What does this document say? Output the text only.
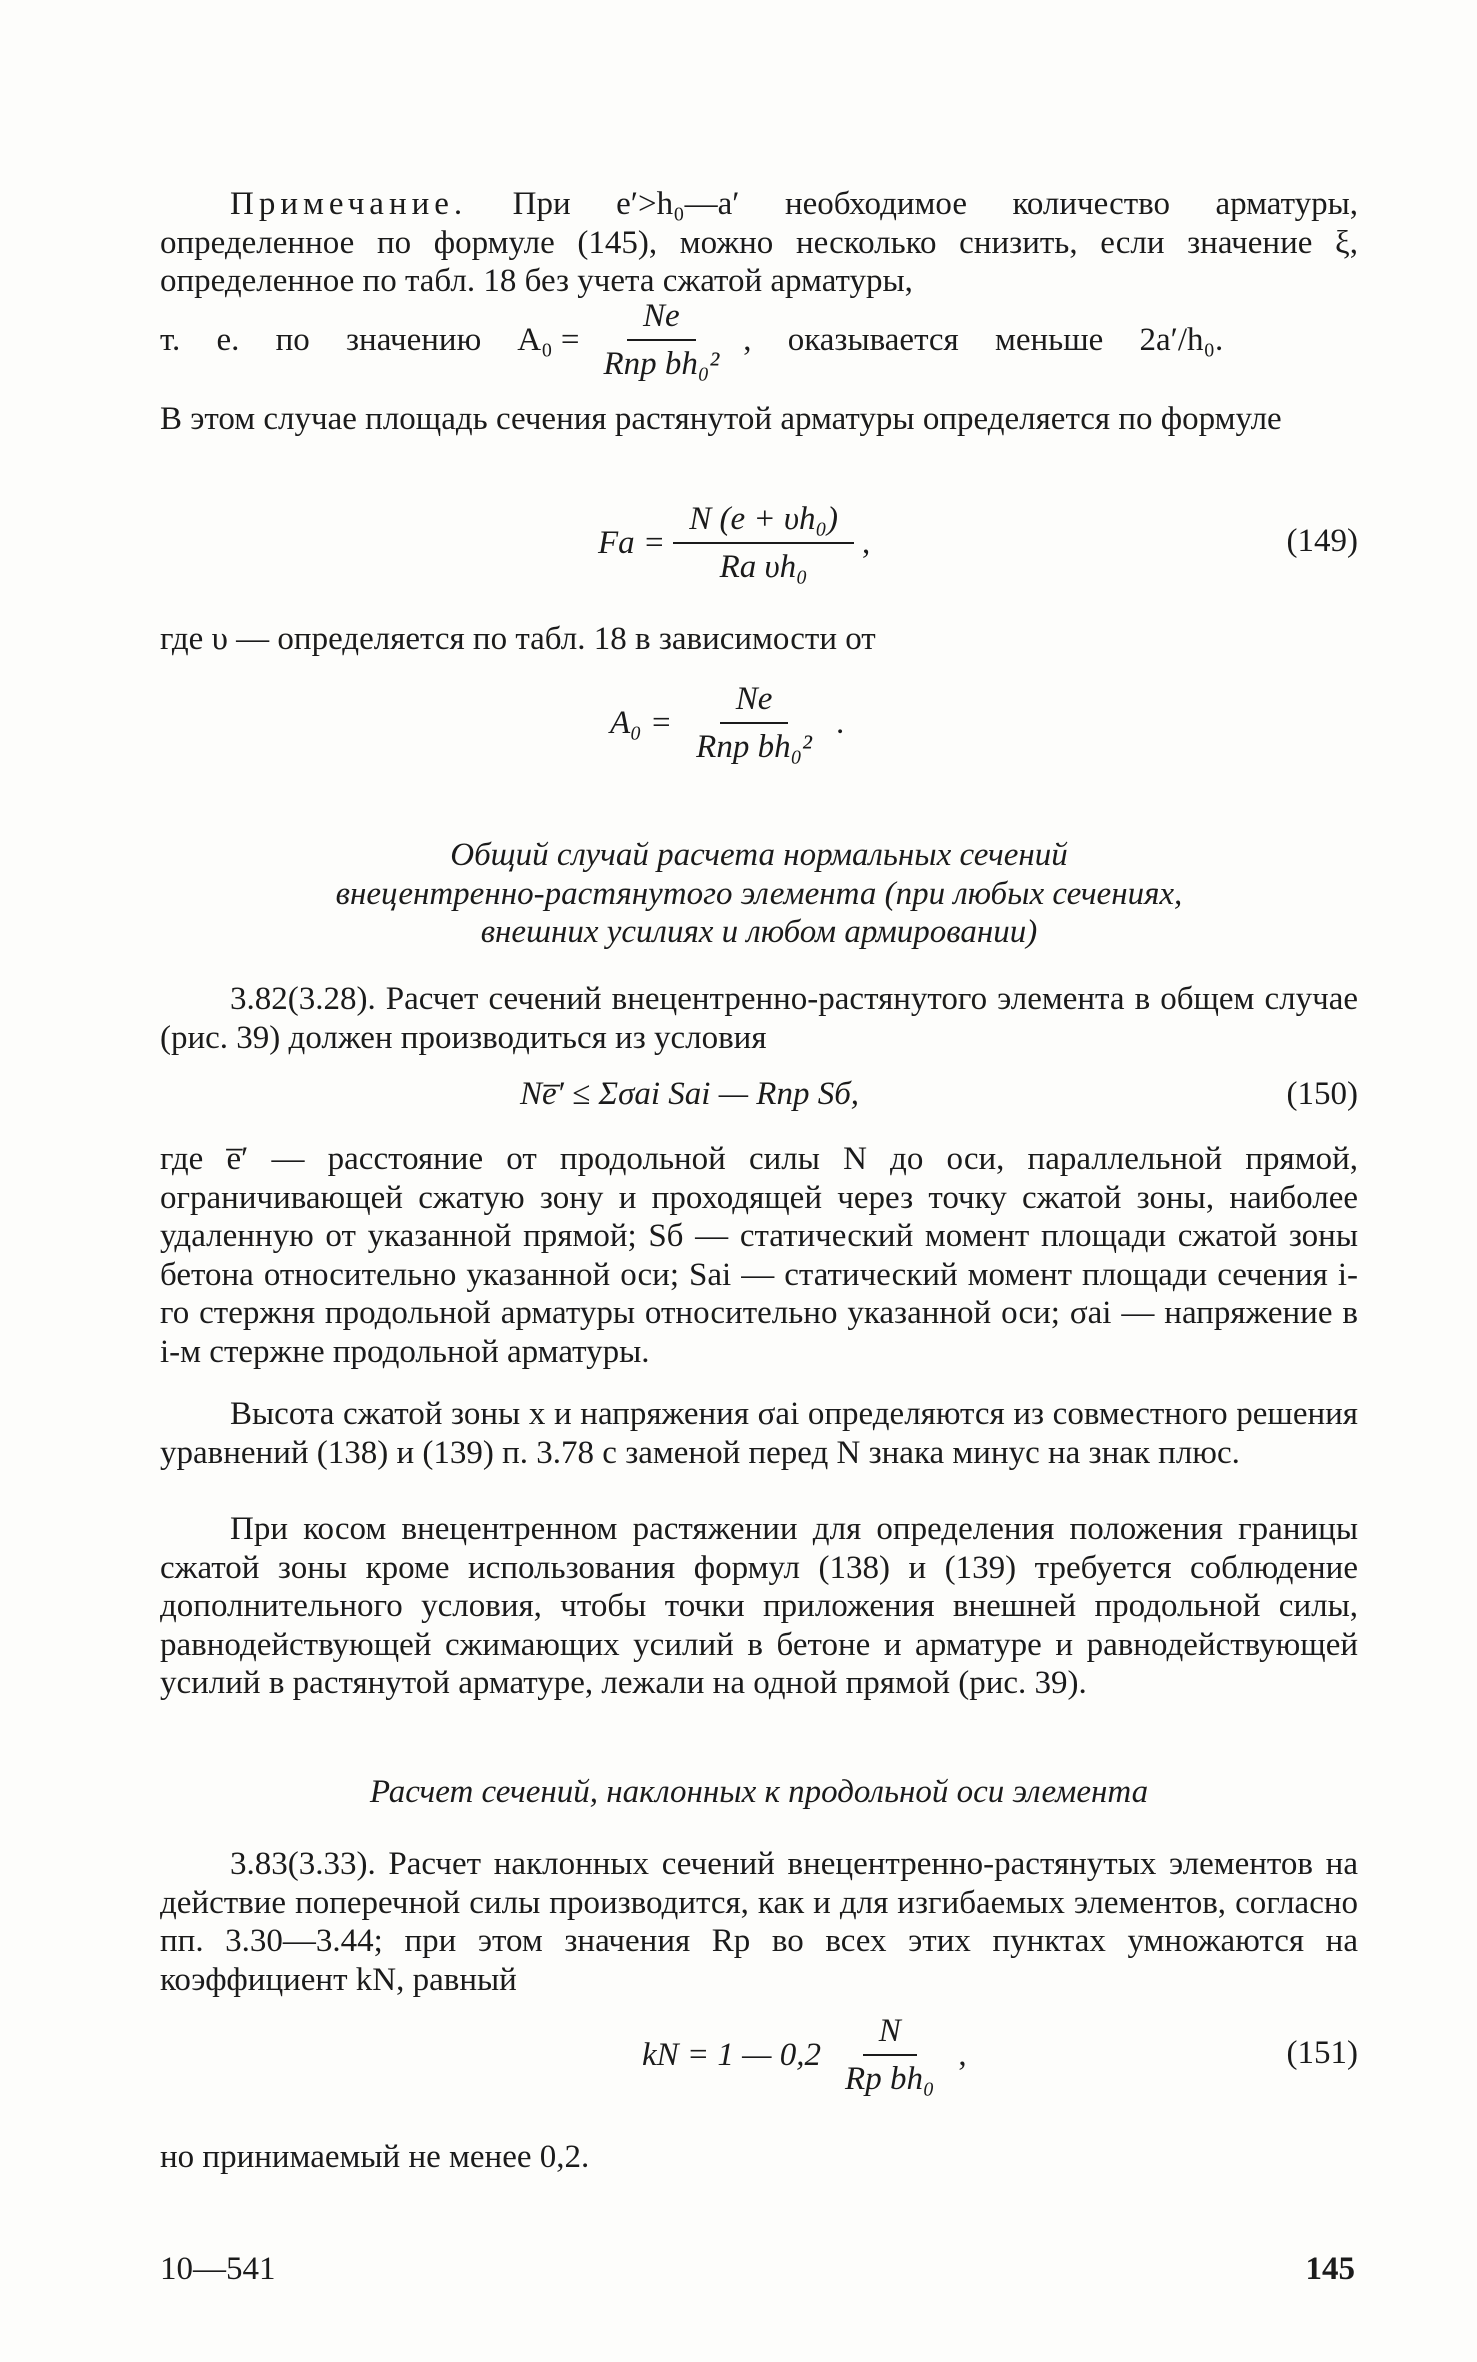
Примечание. При e′>h₀—a′ необходимое количество арматуры, определенное по формуле (145), можно несколько снизить, если значение ξ, определенное по табл. 18 без учета сжатой арматуры,

т. е. по значению $A_0 = \frac{Ne}{\text{Rпр bh₀²}}$ , оказывается меньше 2a′/h₀.

В этом случае площадь сечения растянутой арматуры определяется по формуле

Fа = $\frac{\text{N (e + υh₀)}}{\text{Rа υh₀}}$ ,	(149)

где υ — определяется по табл. 18 в зависимости от

$A_0 = \frac{Ne}{\text{Rпр bh₀²}}$ .
Общий случай расчета нормальных сечений
внецентренно-растянутого элемента (при любых сечениях,
внешних усилиях и любом армировании)

3.82(3.28). Расчет сечений внецентренно-растянутого элемента в общем случае (рис. 39) должен производиться из условия

Ne̅′ ≤ Σσаi Sаi — Rпр Sб,	(150)

где e̅′ — расстояние от продольной силы N до оси, параллельной прямой, ограничивающей сжатую зону и проходящей через точку сжатой зоны, наиболее удаленную от указанной прямой; Sб — статический момент площади сжатой зоны бетона относительно указанной оси; Sаi — статический момент площади сечения i-го стержня продольной арматуры относительно указанной оси; σаi — напряжение в i-м стержне продольной арматуры.

Высота сжатой зоны x и напряжения σаi определяются из совместного решения уравнений (138) и (139) п. 3.78 с заменой перед N знака минус на знак плюс.

При косом внецентренном растяжении для определения положения границы сжатой зоны кроме использования формул (138) и (139) требуется соблюдение дополнительного условия, чтобы точки приложения внешней продольной силы, равнодействующей сжимающих усилий в бетоне и арматуре и равнодействующей усилий в растянутой арматуре, лежали на одной прямой (рис. 39).

Расчет сечений, наклонных к продольной оси элемента

3.83(3.33). Расчет наклонных сечений внецентренно-растянутых элементов на действие поперечной силы производится, как и для изгибаемых элементов, согласно пп. 3.30—3.44; при этом значения Rр во всех этих пунктах умножаются на коэффициент kN, равный

kN = 1 — $0,2 \frac{N}{\text{Rр bh₀}}$ ,	(151)

но принимаемый не менее 0,2.

10—541	145
